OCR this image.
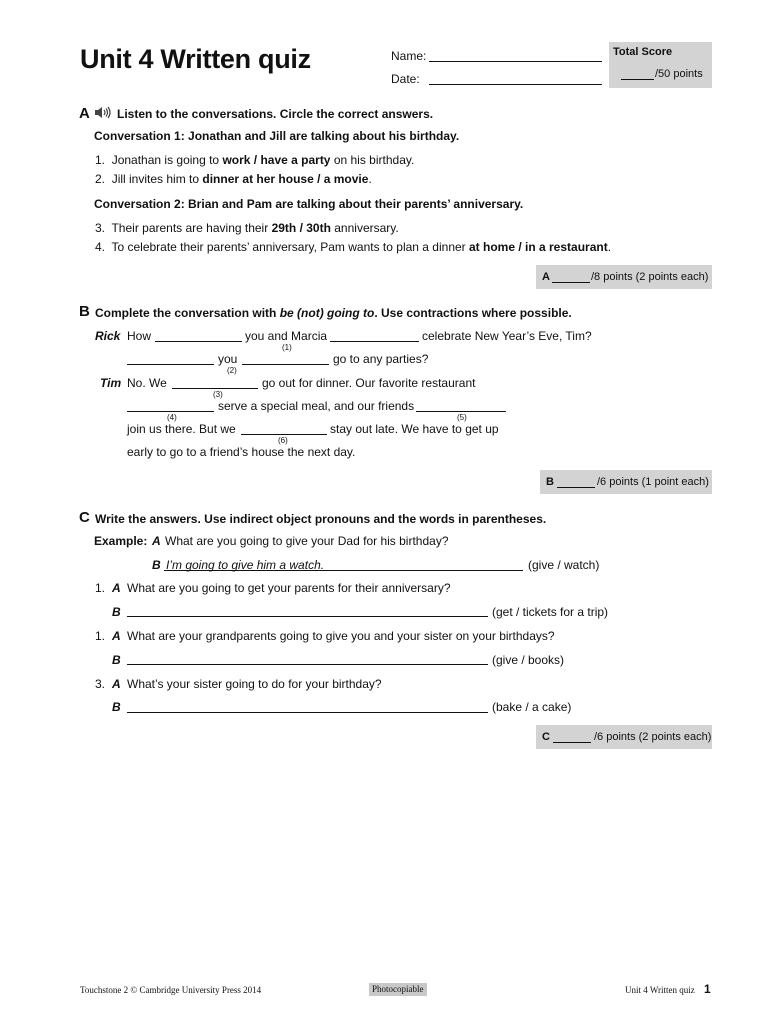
Unit 4 Written quiz	Name:
Date:
Total Score
/50 points
A Listen to the conversations. Circle the correct answers.
Conversation 1: Jonathan and Jill are talking about his birthday.
1. Jonathan is going to work / have a party on his birthday.
2. Jill invites him to dinner at her house / a movie.
Conversation 2: Brian and Pam are talking about their parents’ anniversary.
3. Their parents are having their 29th / 30th anniversary.
4. To celebrate their parents’ anniversary, Pam wants to plan a dinner at home / in a restaurant.
A	/8 points (2 points each)
B Complete the conversation with be (not) going to. Use contractions where possible.
Rick How	you and Marcia	celebrate New Year’s Eve, Tim?
(1)
you	go to any parties?
(2)
Tim No. We	go out for dinner. Our favorite restaurant
(3)
serve a special meal, and our friends
(4)	(5)
join us there. But we	stay out late. We have to get up
(6)
early to go to a friend’s house the next day.
B	/6 points (1 point each)
C Write the answers. Use indirect object pronouns and the words in parentheses.
Example: A What are you going to give your Dad for his birthday?
B I’m going to give him a watch.	(give / watch)
1. A What are you going to get your parents for their anniversary?
B	(get / tickets for a trip)
1. A What are your grandparents going to give you and your sister on your birthdays?
B	(give / books)
3. A What’s your sister going to do for your birthday?
B	(bake / a cake)
C	/6 points (2 points each)
Touchstone 2 © Cambridge University Press 2014	Photocopiable	Unit 4 Written quiz 1
